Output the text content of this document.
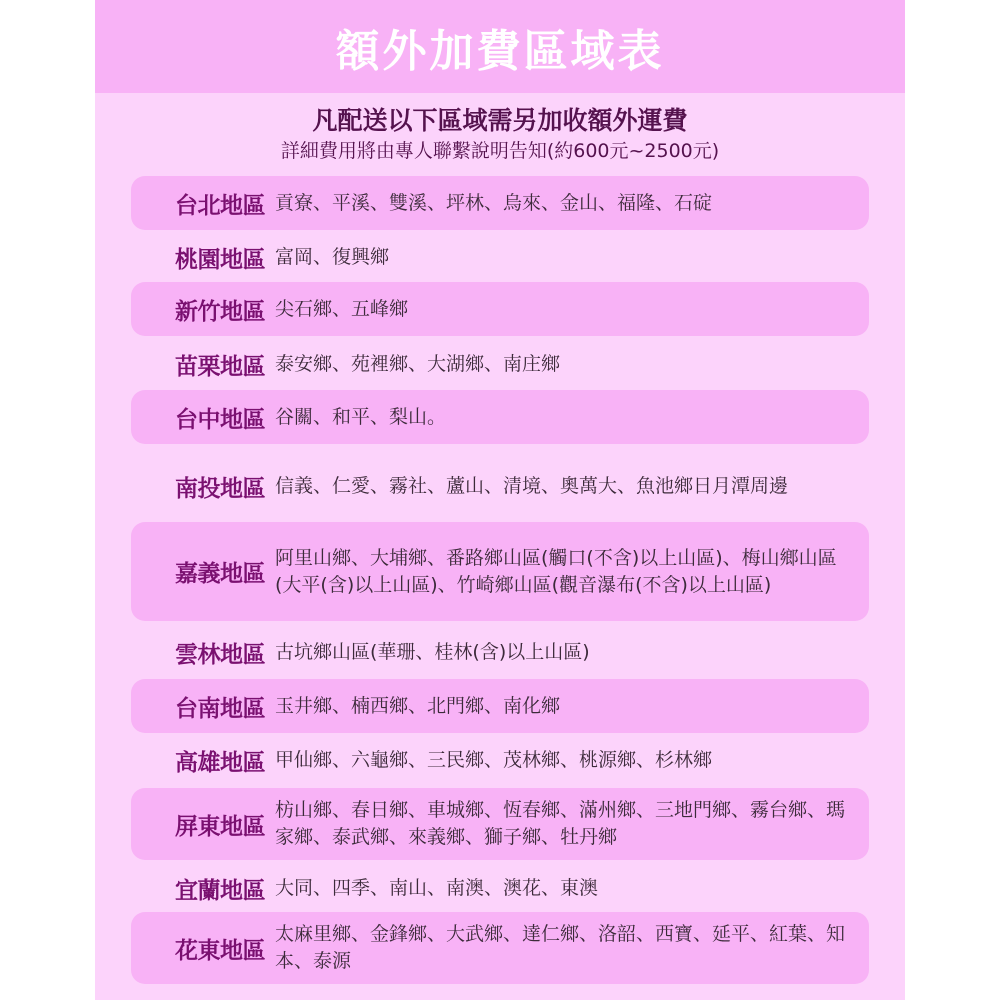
額外加費區域表
凡配送以下區域需另加收額外運費
詳細費用將由專人聯繫說明告知(約600元~2500元)
台北地區 貢寮、平溪、雙溪、坪林、烏來、金山、福隆、石碇
桃園地區 富岡、復興鄉
新竹地區 尖石鄉、五峰鄉
苗栗地區 泰安鄉、苑裡鄉、大湖鄉、南庄鄉
台中地區 谷關、和平、梨山。
南投地區 信義、仁愛、霧社、蘆山、清境、奧萬大、魚池鄉日月潭周邊
嘉義地區
阿里山鄉、大埔鄉、番路鄉山區(觸口(不含)以上山區)、梅山鄉山區(大平(含)以上山區)、竹崎鄉山區(觀音瀑布(不含)以上山區)
雲林地區 古坑鄉山區(華珊、桂林(含)以上山區)
台南地區 玉井鄉、楠西鄉、北門鄉、南化鄉
高雄地區 甲仙鄉、六龜鄉、三民鄉、茂林鄉、桃源鄉、杉林鄉
屏東地區
枋山鄉、春日鄉、車城鄉、恆春鄉、滿州鄉、三地門鄉、霧台鄉、瑪家鄉、泰武鄉、來義鄉、獅子鄉、牡丹鄉
宜蘭地區 大同、四季、南山、南澳、澳花、東澳
花東地區
太麻里鄉、金鋒鄉、大武鄉、達仁鄉、洛韶、西寶、延平、紅葉、知本、泰源
